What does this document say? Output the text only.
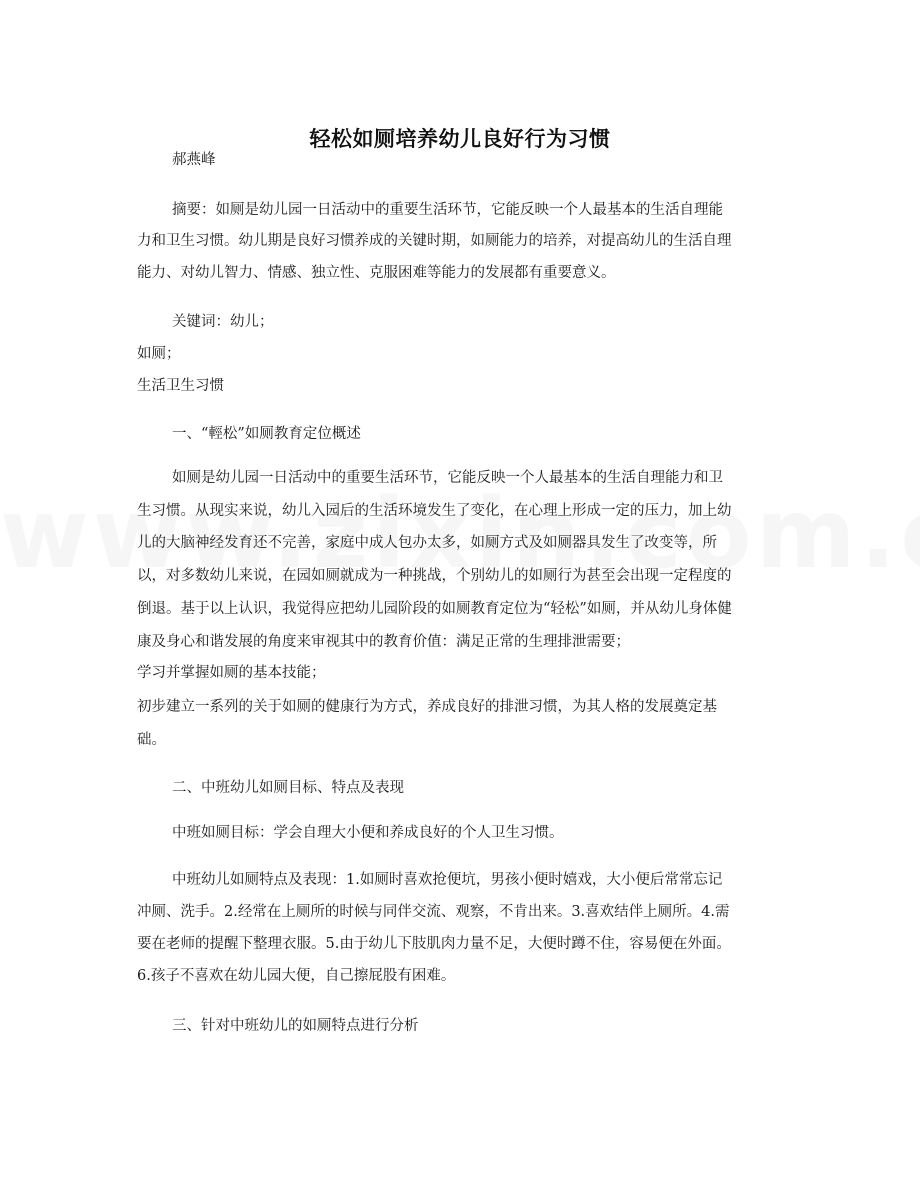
轻松如厕培养幼儿良好行为习惯
郝燕峰
摘要：如厕是幼儿园一日活动中的重要生活环节，它能反映一个人最基本的生活自理能
力和卫生习惯。幼儿期是良好习惯养成的关键时期，如厕能力的培养，对提高幼儿的生活自理
能力、对幼儿智力、情感、独立性、克服困难等能力的发展都有重要意义。
关键词：幼儿；
如厕；
生活卫生习惯
一、“輕松”如厕教育定位概述
如厕是幼儿园一日活动中的重要生活环节，它能反映一个人最基本的生活自理能力和卫
生习惯。从现实来说，幼儿入园后的生活环境发生了变化，在心理上形成一定的压力，加上幼
儿的大脑神经发育还不完善，家庭中成人包办太多，如厕方式及如厕器具发生了改变等，所
以，对多数幼儿来说，在园如厕就成为一种挑战，个别幼儿的如厕行为甚至会出现一定程度的
倒退。基于以上认识，我觉得应把幼儿园阶段的如厕教育定位为“轻松”如厕，并从幼儿身体健
康及身心和谐发展的角度来审视其中的教育价值：满足正常的生理排泄需要；
学习并掌握如厕的基本技能；
初步建立一系列的关于如厕的健康行为方式，养成良好的排泄习惯，为其人格的发展奠定基
础。
二、中班幼儿如厕目标、特点及表现
中班如厕目标：学会自理大小便和养成良好的个人卫生习惯。
中班幼儿如厕特点及表现：1.如厕时喜欢抢便坑，男孩小便时嬉戏，大小便后常常忘记
冲厕、洗手。2.经常在上厕所的时候与同伴交流、观察，不肯出来。3.喜欢结伴上厕所。4.需
要在老师的提醒下整理衣服。5.由于幼儿下肢肌肉力量不足，大便时蹲不住，容易便在外面。
6.孩子不喜欢在幼儿园大便，自己擦屁股有困难。
三、针对中班幼儿的如厕特点进行分析
